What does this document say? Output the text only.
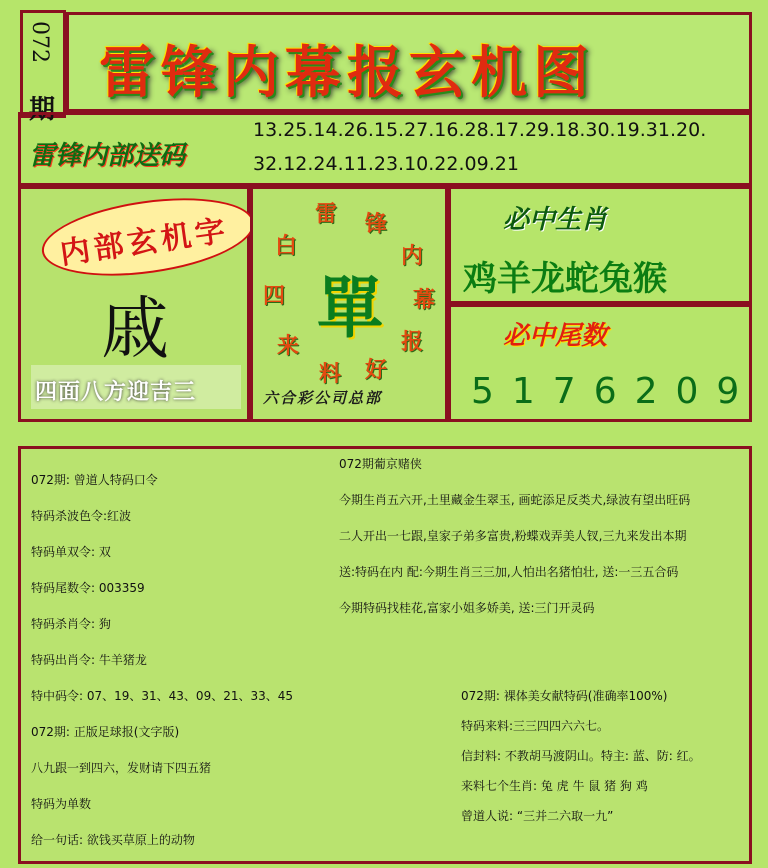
072
期
雷锋内幕报玄机图
雷锋内部送码
13.25.14.26.15.27.16.28.17.29.18.30.19.31.20.
32.12.24.11.23.10.22.09.21
内部玄机字
戚
四面八方迎吉三
雷 锋
内
幕
报
好
料
来
四
白
單
六合彩公司总部
必中生肖
鸡羊龙蛇兔猴
必中尾数
5176209
072期: 曾道人特码口令
特码杀波色令:红波
特码单双令: 双
特码尾数令: 003359
特码杀肖令: 狗
特码出肖令: 牛羊猪龙
特中码令: 07、19、31、43、09、21、33、45
072期: 正版足球报(文字版)
八九跟一到四六，发财请下四五猪
特码为单数
给一句话: 欲钱买草原上的动物
072期葡京赌侠
今期生肖五六开,土里藏金生翠玉, 画蛇添足反类犬,绿波有望出旺码
二人开出一七跟,皇家子弟多富贵,粉蝶戏弄美人钗,三九来发出本期
送:特码在内 配:今期生肖三三加,人怕出名猪怕壮, 送:一三五合码
今期特码找桂花,富家小姐多娇美, 送:三门开灵码
072期: 裸体美女献特码(准确率100%)
特码来料:三三四四六六七。
信封料: 不教胡马渡阴山。特主: 蓝、防: 红。
来料七个生肖: 兔 虎 牛 鼠 猪 狗 鸡
曾道人说: “三并二六取一九”
